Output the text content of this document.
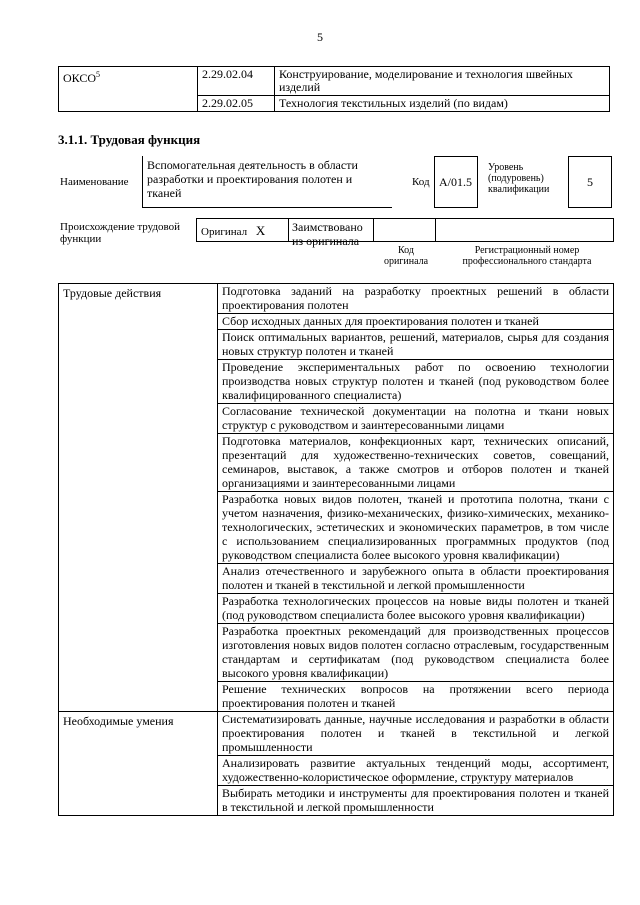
5
ОКСО$^5$	2.29.02.04	Конструирование, моделирование и технология швейных изделий
	2.29.02.05	Технология текстильных изделий (по видам)
3.1.1. Трудовая функция
Наименование
Вспомогательная деятельность в области разработки и проектирования полотен и тканей
Код A/01.5
Уровень (подуровень) квалификации
5
Происхождение трудовой функции
Оригинал X	Заимствовано из оригинала
Код оригинала
Регистрационный номер профессионального стандарта
Трудовые действия	Подготовка заданий на разработку проектных решений в области проектирования полотен
	Сбор исходных данных для проектирования полотен и тканей
	Поиск оптимальных вариантов, решений, материалов, сырья для создания новых структур полотен и тканей
	Проведение экспериментальных работ по освоению технологии производства новых структур полотен и тканей (под руководством более квалифицированного специалиста)
	Согласование технической документации на полотна и ткани новых структур с руководством и заинтересованными лицами
	Подготовка материалов, конфекционных карт, технических описаний, презентаций для художественно-технических советов, совещаний, семинаров, выставок, а также смотров и отборов полотен и тканей организациями и заинтересованными лицами
	Разработка новых видов полотен, тканей и прототипа полотна, ткани с учетом назначения, физико-механических, физико-химических, механико-технологических, эстетических и экономических параметров, в том числе с использованием специализированных программных продуктов (под руководством специалиста более высокого уровня квалификации)
	Анализ отечественного и зарубежного опыта в области проектирования полотен и тканей в текстильной и легкой промышленности
	Разработка технологических процессов на новые виды полотен и тканей (под руководством специалиста более высокого уровня квалификации)
	Разработка проектных рекомендаций для производственных процессов изготовления новых видов полотен согласно отраслевым, государственным стандартам и сертификатам (под руководством специалиста более высокого уровня квалификации)
	Решение технических вопросов на протяжении всего периода проектирования полотен и тканей
Необходимые умения	Систематизировать данные, научные исследования и разработки в области проектирования полотен и тканей в текстильной и легкой промышленности
	Анализировать развитие актуальных тенденций моды, ассортимент, художественно-колористическое оформление, структуру материалов
	Выбирать методики и инструменты для проектирования полотен и тканей в текстильной и легкой промышленности
